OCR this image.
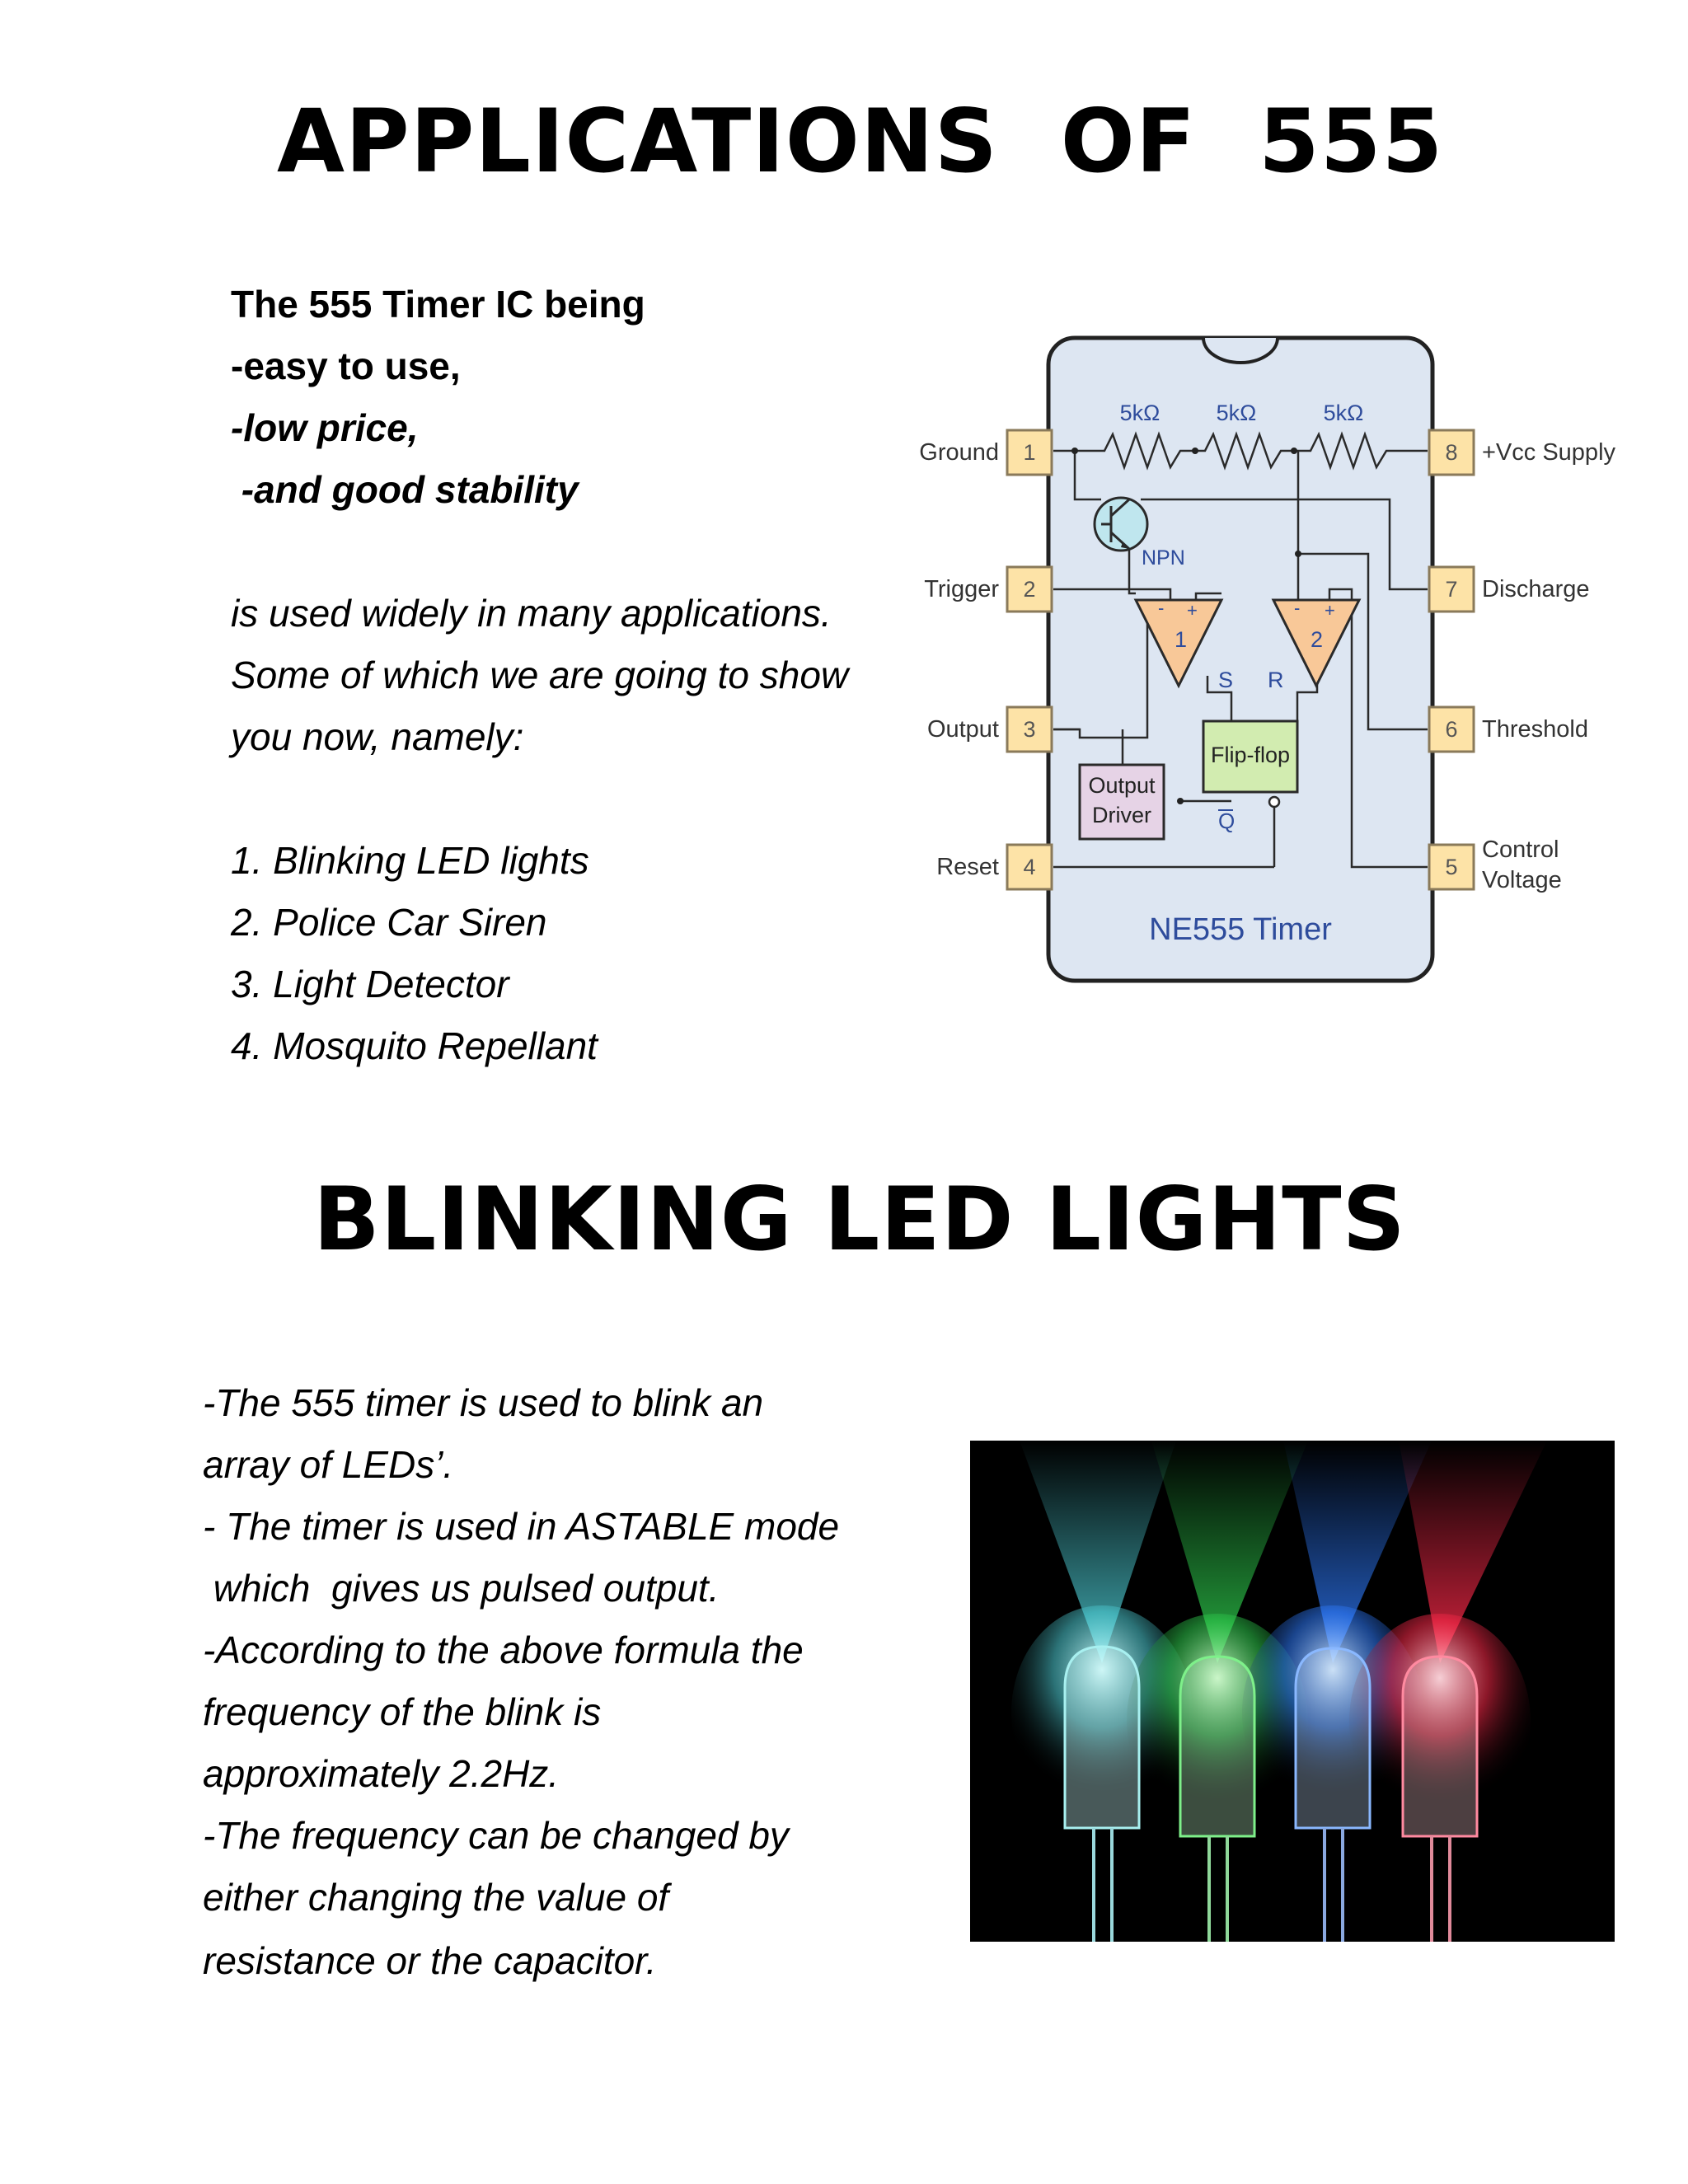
APPLICATIONS  OF  555

The 555 Timer IC being

-easy to use,

-low price,

-and good stability

is used widely in many applications.

Some of which we are going to show

you now, namely:

1. Blinking LED lights

2. Police Car Siren

3. Light Detector

4. Mosquito Repellant

5kΩ	5kΩ	5kΩ
NPN
- +
1
- +
2
S R
Flip-flop
Q
Output
Driver
1
2
3
4	5
6
7
8
Ground
Trigger
Output
Reset
Control
Voltage
Threshold
Discharge
+Vcc Supply
NE555 Timer
BLINKING LED LIGHTS

-The 555 timer is used to blink an

array of LEDs’.

- The timer is used in ASTABLE mode

which  gives us pulsed output.

-According to the above formula the

frequency of the blink is

approximately 2.2Hz.

-The frequency can be changed by

either changing the value of

resistance or the capacitor.
